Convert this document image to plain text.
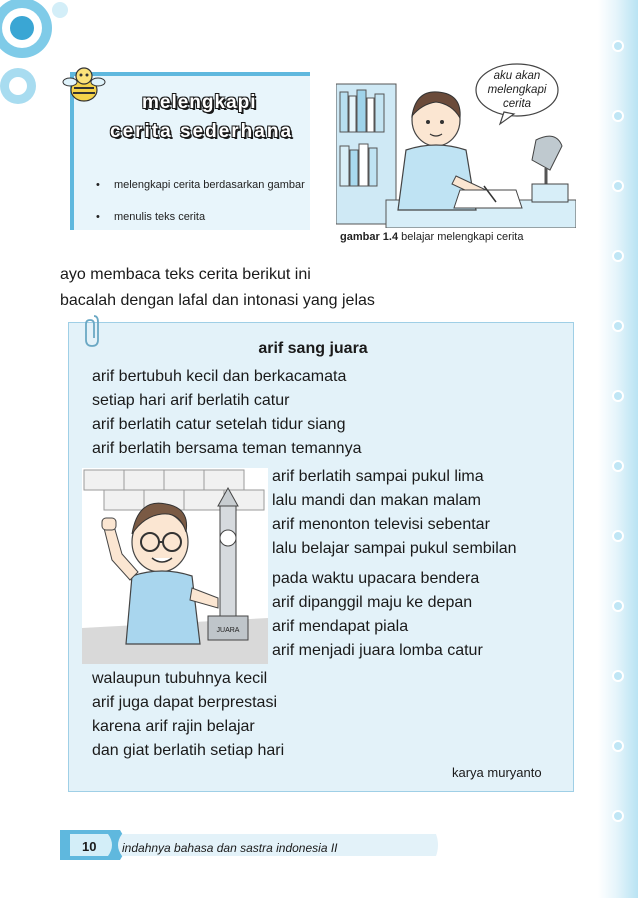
melengkapi
cerita sederhana
•	melengkapi cerita berdasarkan gambar
•	menulis teks cerita
aku akan
melengkapi
cerita
gambar 1.4 belajar melengkapi cerita
ayo membaca teks cerita berikut ini
bacalah dengan lafal dan intonasi yang jelas
arif sang juara
arif bertubuh kecil dan berkacamata
setiap hari arif berlatih catur
arif berlatih catur setelah tidur siang
arif berlatih bersama teman temannya
arif berlatih sampai pukul lima
lalu mandi dan makan malam
arif menonton televisi sebentar
lalu belajar sampai pukul sembilan
pada waktu upacara bendera
arif dipanggil maju ke depan
arif mendapat piala
arif menjadi juara lomba catur
walaupun tubuhnya kecil
arif juga dapat berprestasi
karena arif rajin belajar
dan giat berlatih setiap hari
JUARA
karya muryanto
10 indahnya bahasa dan sastra indonesia II
